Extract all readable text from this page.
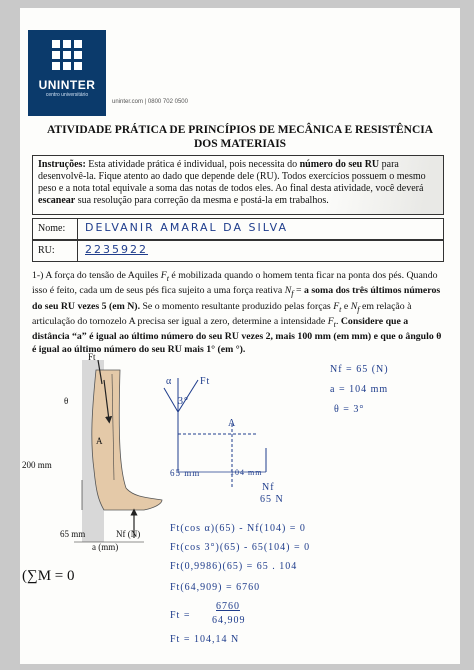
UNINTER
centro universitário
uninter.com | 0800 702 0500
ATIVIDADE PRÁTICA DE PRINCÍPIOS DE MECÂNICA E RESISTÊNCIA DOS MATERIAIS
Instruções: Esta atividade prática é individual, pois necessita do número do seu RU para desenvolvê-la. Fique atento ao dado que depende dele (RU). Todos exercícios possuem o mesmo peso e a nota total equivale a soma das notas de todos eles. Ao final desta atividade, você deverá escanear sua resolução para correção da mesma e postá-la em trabalhos.
Nome: DELVANIR AMARAL DA SILVA
RU:	2235922
1-) A força do tensão de Aquiles $F_t$ é mobilizada quando o homem tenta ficar na ponta dos pés. Quando isso é feito, cada um de seus pés fica sujeito a uma força reativa $N_f = a$ soma dos três últimos números do seu RU vezes 5 (em N). Se o momento resultante produzido pelas forças $F_t$ e $N_f$ em relação à articulação do tornozelo A precisa ser igual a zero, determine a intensidade $F_t$. Considere que a distância “a” é igual ao último número do seu RU vezes 2, mais 100 mm (em mm) e que o ângulo θ é igual ao último número do seu RU mais 1° (em °).
Ft
θ
A
200 mm
65 mm	Nf (N)
a (mm)
(∑M = 0
α	Ft
3°
A
65 mm	104 mm
Nf
65 N
Nf = 65 (N)
a = 104 mm
θ = 3°
Ft(cos α)(65) - Nf(104) = 0
Ft(cos 3°)(65) - 65(104) = 0
Ft(0,9986)(65) = 65 . 104
Ft(64,909) = 6760
Ft =
6760
64,909
Ft = 104,14 N
